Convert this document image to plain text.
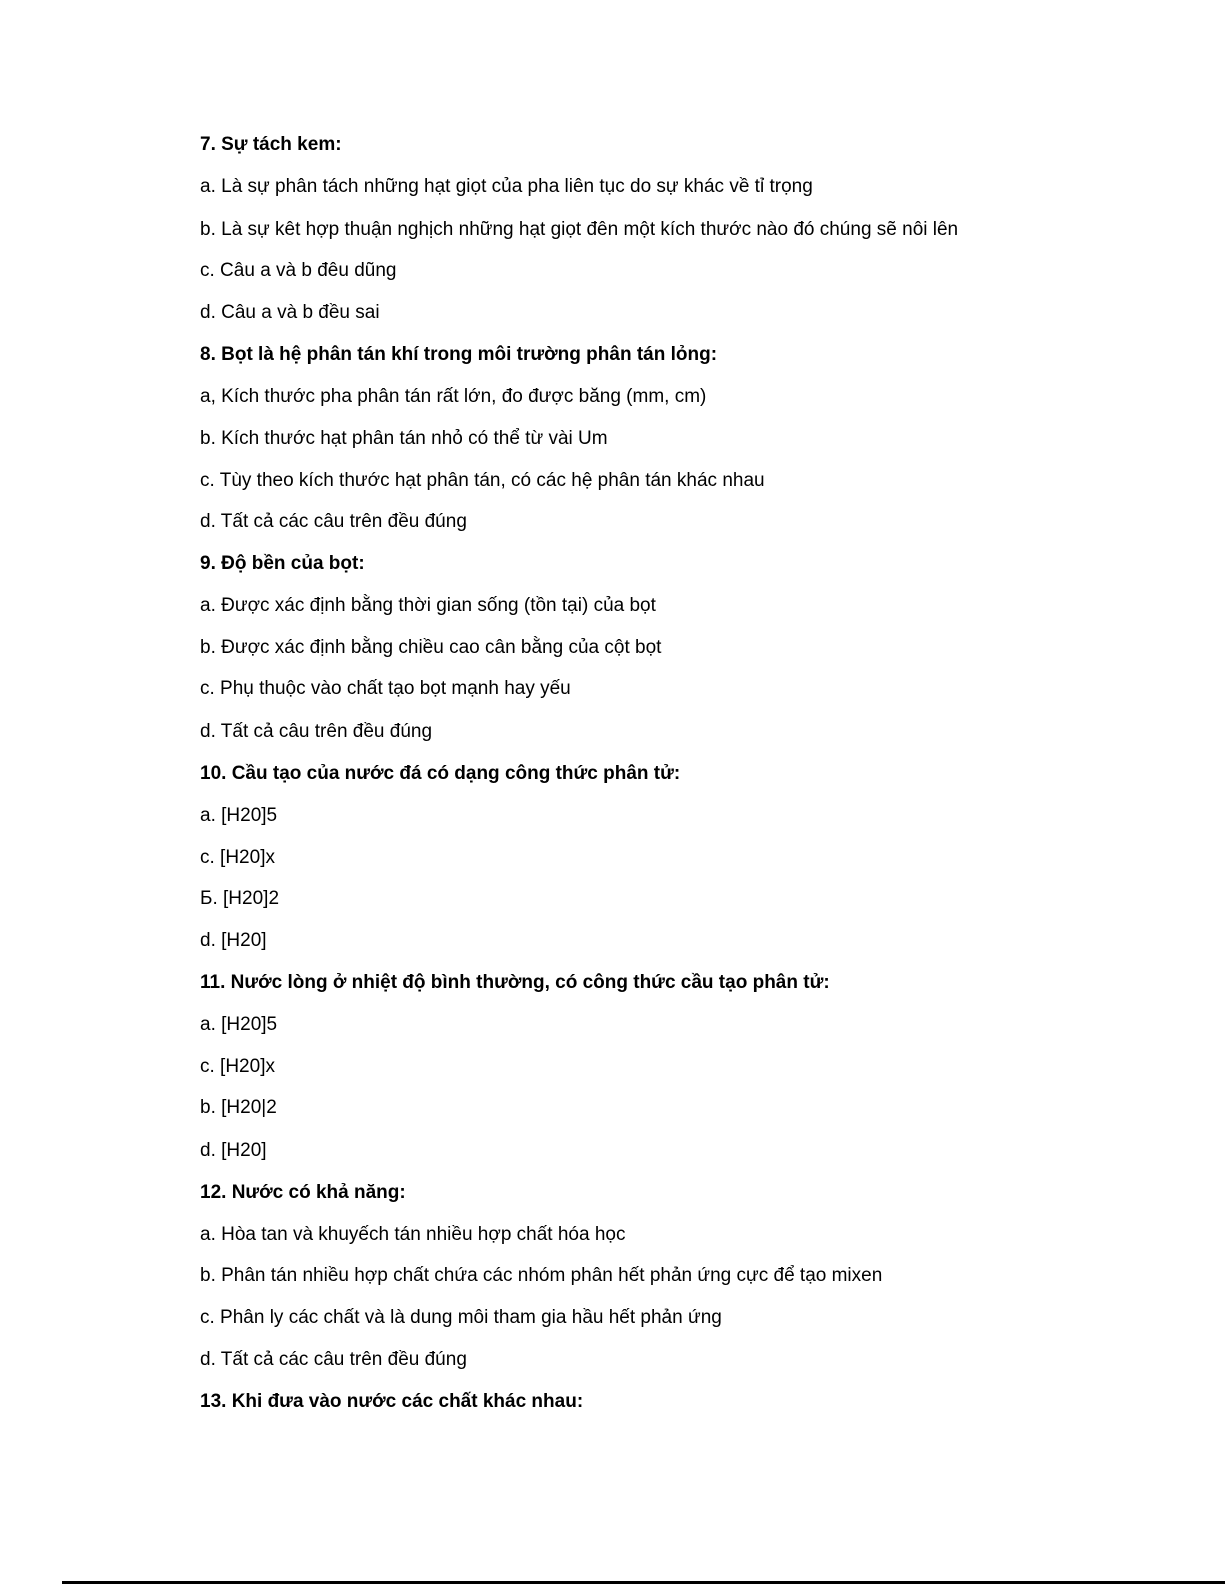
7. Sự tách kem:
a. Là sự phân tách những hạt giọt của pha liên tục do sự khác về tỉ trọng
b. Là sự kêt hợp thuận nghịch những hạt giọt đên một kích thước nào đó chúng sẽ nôi lên
c. Câu a và b đêu dũng
d. Câu a và b đều sai
8. Bọt là hệ phân tán khí trong môi trường phân tán lỏng:
a, Kích thước pha phân tán rất lớn, đo được băng (mm, cm)
b. Kích thước hạt phân tán nhỏ có thể từ vài Um
c. Tùy theo kích thước hạt phân tán, có các hệ phân tán khác nhau
d. Tất cả các câu trên đều đúng
9. Độ bền của bọt:
a. Được xác định bằng thời gian sống (tồn tại) của bọt
b. Được xác định bằng chiều cao cân bằng của cột bọt
c. Phụ thuộc vào chất tạo bọt mạnh hay yếu
d. Tất cả câu trên đều đúng
10. Cầu tạo của nước đá có dạng công thức phân tử:
a. [H20]5
c. [H20]x
Б. [H20]2
d. [H20]
11. Nước lòng ở nhiệt độ bình thường, có công thức cầu tạo phân tử:
a. [H20]5
c. [H20]x
b. [H20|2
d. [H20]
12. Nước có khả năng:
a. Hòa tan và khuyếch tán nhiều hợp chất hóa học
b. Phân tán nhiều hợp chất chứa các nhóm phân hết phản ứng cực để tạo mixen
c. Phân ly các chất và là dung môi tham gia hầu hết phản ứng
d. Tất cả các câu trên đều đúng
13. Khi đưa vào nước các chất khác nhau:
